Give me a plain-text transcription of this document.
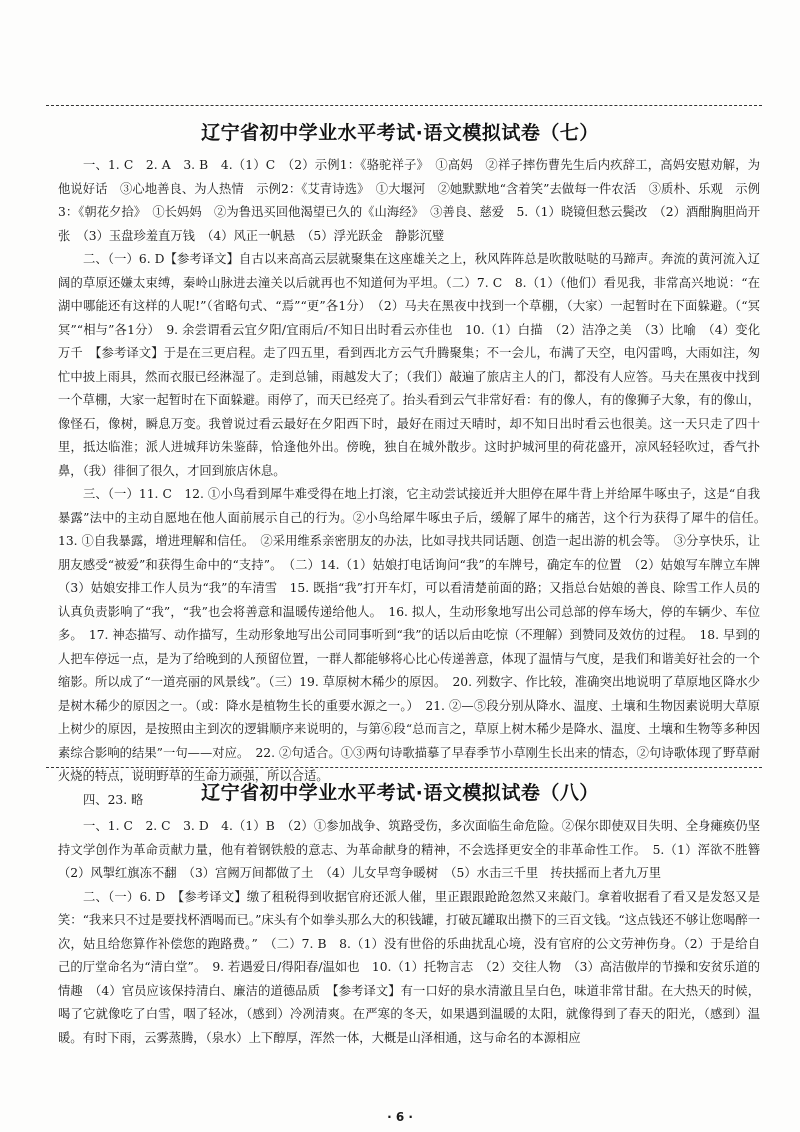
辽宁省初中学业水平考试·语文模拟试卷（七）

一、1. C　2. A　3. B　4.（1）C　（2）示例1：《骆驼祥子》　①高妈　②祥子摔伤曹先生后内疚辞工，高妈安慰劝解，为他说好话　③心地善良、为人热情　示例2：《艾青诗选》　①大堰河　②她默默地“含着笑”去做每一件农活　③质朴、乐观　示例3：《朝花夕拾》　①长妈妈　②为鲁迅买回他渴望已久的《山海经》　③善良、慈爱　5.（1）晓镜但愁云鬓改　（2）酒酣胸胆尚开张　（3）玉盘珍羞直万钱　（4）风正一帆悬　（5）浮光跃金　静影沉璧

二、（一）6. D【参考译文】自古以来高高云层就聚集在这座雄关之上，秋风阵阵总是吹散哒哒的马蹄声。奔流的黄河流入辽阔的草原还嫌太束缚，秦岭山脉进去潼关以后就再也不知道何为平坦。（二）7. C　8.（1）（他们）看见我，非常高兴地说：“在湖中哪能还有这样的人呢!”（省略句式、“焉”“更”各1分）　（2）马夫在黑夜中找到一个草棚，（大家）一起暂时在下面躲避。（“冥冥”“相与”各1分）　9. 余尝谓看云宜夕阳/宜雨后/不知日出时看云亦佳也　10.（1）白描　（2）洁净之美　（3）比喻　（4）变化万千　【参考译文】于是在三更启程。走了四五里，看到西北方云气升腾聚集；不一会儿，布满了天空，电闪雷鸣，大雨如注，匆忙中披上雨具，然而衣服已经淋湿了。走到总铺，雨越发大了；（我们）敲遍了旅店主人的门，都没有人应答。马夫在黑夜中找到一个草棚，大家一起暂时在下面躲避。雨停了，而天已经亮了。抬头看到云气非常好看：有的像人，有的像狮子大象，有的像山，像怪石，像树，瞬息万变。我曾说过看云最好在夕阳西下时，最好在雨过天晴时，却不知日出时看云也很美。这一天只走了四十里，抵达临淮；派人进城拜访朱鉴薛，恰逢他外出。傍晚，独自在城外散步。这时护城河里的荷花盛开，凉风轻轻吹过，香气扑鼻，（我）徘徊了很久，才回到旅店休息。

三、（一）11. C　12. ①小鸟看到犀牛难受得在地上打滚，它主动尝试接近并大胆停在犀牛背上并给犀牛啄虫子，这是“自我暴露”法中的主动自愿地在他人面前展示自己的行为。②小鸟给犀牛啄虫子后，缓解了犀牛的痛苦，这个行为获得了犀牛的信任。　13. ①自我暴露，增进理解和信任。　②采用维系亲密朋友的办法，比如寻找共同话题、创造一起出游的机会等。　③分享快乐，让朋友感受“被爱”和获得生命中的“支持”。　（二）14.（1）姑娘打电话询问“我”的车牌号，确定车的位置　（2）姑娘写车牌立车牌　（3）姑娘安排工作人员为“我”的车清雪　15. 既指“我”打开车灯，可以看清楚前面的路；又指总台姑娘的善良、除雪工作人员的认真负责影响了“我”，“我”也会将善意和温暖传递给他人。　16. 拟人，生动形象地写出公司总部的停车场大，停的车辆少、车位多。　17. 神态描写、动作描写，生动形象地写出公司同事听到“我”的话以后由吃惊（不理解）到赞同及效仿的过程。　18. 早到的人把车停远一点，是为了给晚到的人预留位置，一群人都能够将心比心传递善意，体现了温情与气度，是我们和谐美好社会的一个缩影。所以成了“一道亮丽的风景线”。（三）19. 草原树木稀少的原因。　20. 列数字、作比较，准确突出地说明了草原地区降水少是树木稀少的原因之一。（或：降水是植物生长的重要水源之一。）　21. ②—⑤段分别从降水、温度、土壤和生物因素说明大草原上树少的原因，是按照由主到次的逻辑顺序来说明的，与第⑥段“总而言之，草原上树木稀少是降水、温度、土壤和生物等多种因素综合影响的结果”一句——对应。　22. ②句适合。①③两句诗歌描摹了早春季节小草刚生长出来的情态，②句诗歌体现了野草耐火烧的特点，说明野草的生命力顽强，所以合适。

四、23. 略	辽宁省初中学业水平考试·语文模拟试卷（八）

一、1. C　2. C　3. D　4.（1）B　（2）①参加战争、筑路受伤，多次面临生命危险。②保尔即使双目失明、全身瘫痪仍坚持文学创作为革命贡献力量，他有着钢铁般的意志、为革命献身的精神，不会选择更安全的非革命性工作。　5.（1）浑欲不胜簪　（2）风掣红旗冻不翻　（3）宫阙万间都做了土　（4）儿女早弯争暖树　（5）水击三千里　抟扶摇而上者九万里

二、（一）6. D　【参考译文】缴了租税得到收据官府还派人催，里正跟跟跄跄忽然又来敲门。拿着收据看了看又是发怒又是笑：“我来只不过是要找杯酒喝而已。”床头有个如拳头那么大的积钱罐，打破瓦罐取出攒下的三百文钱。“这点钱还不够让您喝醉一次，姑且给您算作补偿您的跑路费。”　（二）7. B　8.（1）没有世俗的乐曲扰乱心境，没有官府的公文劳神伤身。（2）于是给自己的厅堂命名为“清白堂”。　9. 若遇爱日/得阳春/温如也　10.（1）托物言志　（2）交往人物　（3）高洁傲岸的节操和安贫乐道的情趣　（4）官员应该保持清白、廉洁的道德品质　【参考译文】有一口好的泉水清澈且呈白色，味道非常甘甜。在大热天的时候，喝了它就像吃了白雪，咽了轻冰，（感到）冷冽清爽。在严寒的冬天，如果遇到温暖的太阳，就像得到了春天的阳光，（感到）温暖。有时下雨，云雾蒸腾，（泉水）上下醇厚，浑然一体，大概是山泽相通，这与命名的本源相应

· 6 ·
